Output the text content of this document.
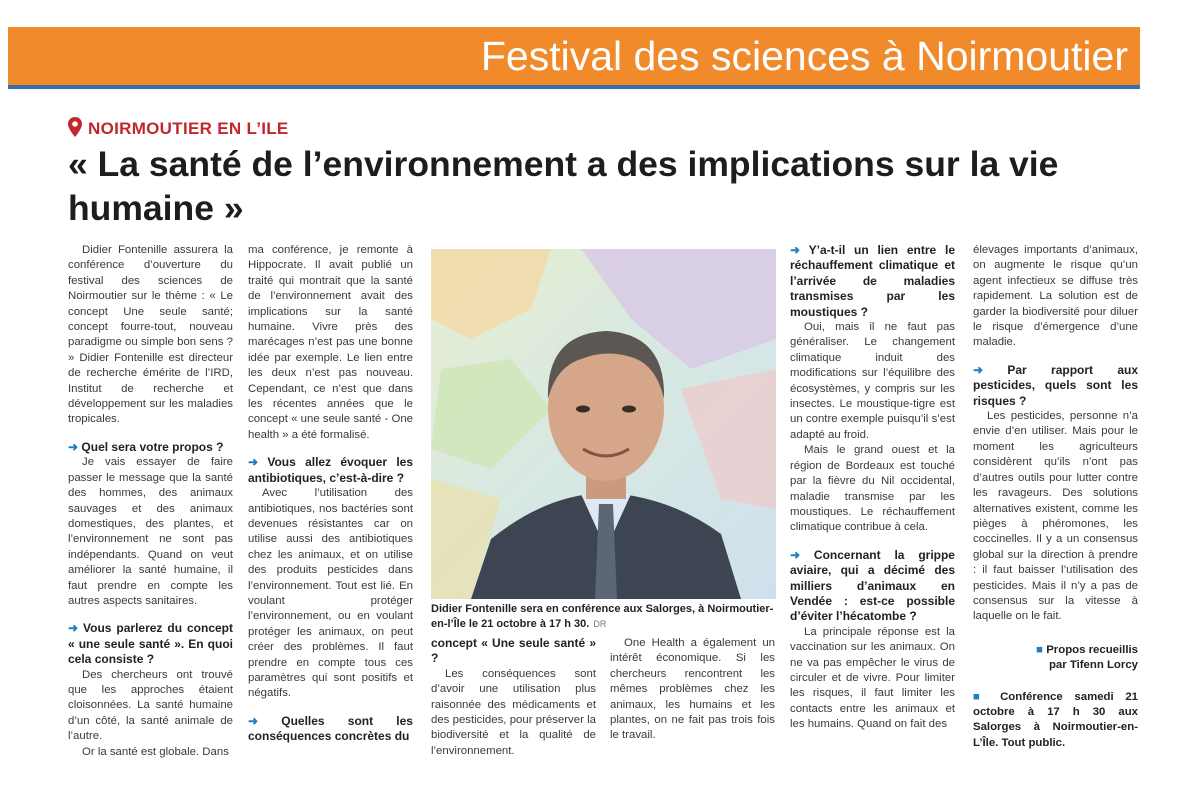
Festival des sciences à Noirmoutier
NOIRMOUTIER EN L’ILE
« La santé de l’environnement a des implications sur la vie humaine »

Didier Fontenille assurera la conférence d’ouverture du festival des sciences de Noirmoutier sur le thème : « Le concept Une seule santé; concept fourre-tout, nouveau paradigme ou simple bon sens ? » Didier Fontenille est directeur de recherche émérite de l’IRD, Institut de recherche et développement sur les maladies tropicales.

➜ Quel sera votre propos ?

Je vais essayer de faire passer le message que la santé des hommes, des animaux sauvages et des animaux domestiques, des plantes, et l’environnement ne sont pas indépendants. Quand on veut améliorer la santé humaine, il faut prendre en compte les autres aspects sanitaires.

➜ Vous parlerez du concept « une seule santé ». En quoi cela consiste ?

Des chercheurs ont trouvé que les approches étaient cloisonnées. La santé humaine d’un côté, la santé animale de l’autre.

Or la santé est globale. Dans

ma conférence, je remonte à Hippocrate. Il avait publié un traité qui montrait que la santé de l’environnement avait des implications sur la santé humaine. Vivre près des marécages n’est pas une bonne idée par exemple. Le lien entre les deux n’est pas nouveau. Cependant, ce n’est que dans les récentes années que le concept « une seule santé - One health » a été formalisé.

➜ Vous allez évoquer les antibiotiques, c’est-à-dire ?

Avec l’utilisation des antibiotiques, nos bactéries sont devenues résistantes car on utilise aussi des antibiotiques chez les animaux, et on utilise des produits pesticides dans l’environnement. Tout est lié. En voulant protéger l’environnement, ou en voulant protéger les animaux, on peut créer des problèmes. Il faut prendre en compte tous ces paramètres qui sont positifs et négatifs.

➜ Quelles sont les conséquences concrètes du

Didier Fontenille sera en conférence aux Salorges, à Noirmoutier-en-l’Île le 21 octobre à 17 h 30. DR

concept « Une seule santé » ?

Les conséquences sont d’avoir une utilisation plus raisonnée des médicaments et des pesticides, pour préserver la biodiversité et la qualité de l’environnement.

One Health a également un intérêt économique. Si les chercheurs rencontrent les mêmes problèmes chez les animaux, les humains et les plantes, on ne fait pas trois fois le travail.

➜ Y’a-t-il un lien entre le réchauffement climatique et l’arrivée de maladies transmises par les moustiques ?

Oui, mais il ne faut pas généraliser. Le changement climatique induit des modifications sur l’équilibre des écosystèmes, y compris sur les insectes. Le moustique-tigre est un contre exemple puisqu’il s’est adapté au froid.

Mais le grand ouest et la région de Bordeaux est touché par la fièvre du Nil occidental, maladie transmise par les moustiques. Le réchauffement climatique contribue à cela.

➜ Concernant la grippe aviaire, qui a décimé des milliers d’animaux en Vendée : est-ce possible d’éviter l’hécatombe ?

La principale réponse est la vaccination sur les animaux. On ne va pas empêcher le virus de circuler et de vivre. Pour limiter les risques, il faut limiter les contacts entre les animaux et les humains. Quand on fait des

élevages importants d’animaux, on augmente le risque qu’un agent infectieux se diffuse très rapidement. La solution est de garder la biodiversité pour diluer le risque d’émergence d’une maladie.

➜ Par rapport aux pesticides, quels sont les risques ?

Les pesticides, personne n’a envie d’en utiliser. Mais pour le moment les agriculteurs considèrent qu’ils n’ont pas d’autres outils pour lutter contre les ravageurs. Des solutions alternatives existent, comme les pièges à phéromones, les coccinelles. Il y a un consensus global sur la direction à prendre : il faut baisser l’utilisation des pesticides. Mais il n’y a pas de consensus sur la vitesse à laquelle on le fait.

■ Propos recueillis
par Tifenn Lorcy

■ Conférence samedi 21 octobre à 17 h 30 aux Salorges à Noirmoutier-en-L’Île. Tout public.
